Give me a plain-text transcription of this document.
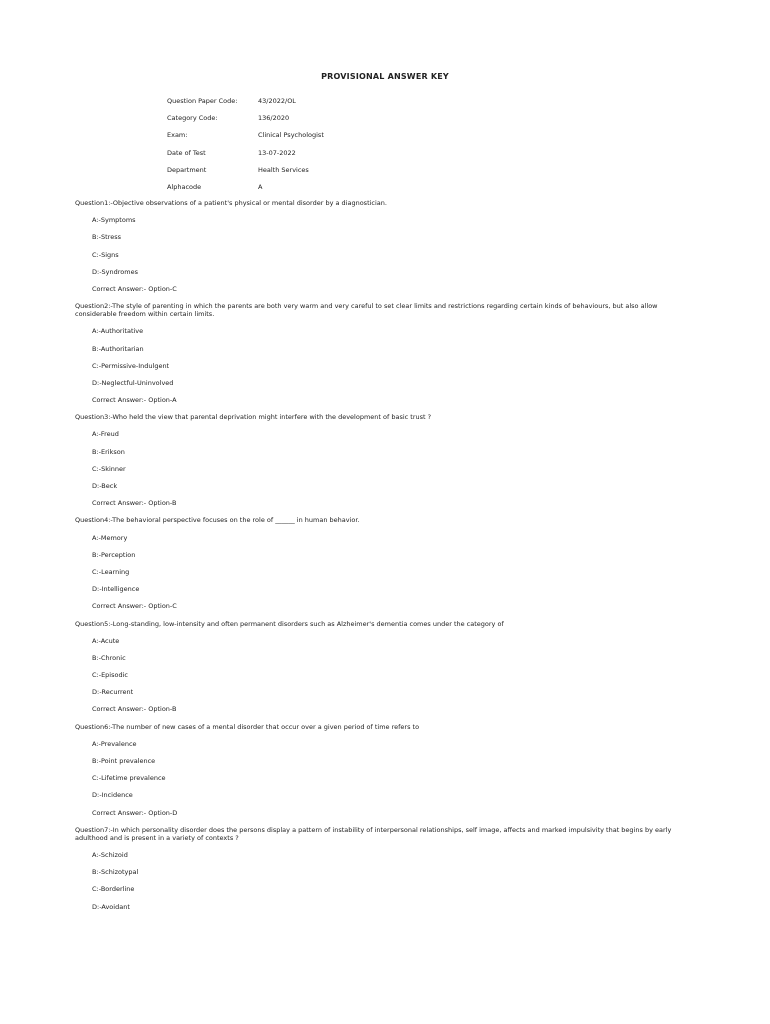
PROVISIONAL ANSWER KEY
Question Paper Code:	43/2022/OL
Category Code:	136/2020
Exam:	Clinical Psychologist
Date of Test	13-07-2022
Department	Health Services
Alphacode	A
Question1:-Objective observations of a patient's physical or mental disorder by a diagnostician.
A:-Symptoms
B:-Stress
C:-Signs
D:-Syndromes
Correct Answer:- Option-C
Question2:-The style of parenting in which the parents are both very warm and very careful to set clear limits and restrictions regarding certain kinds of behaviours, but also allow considerable freedom within certain limits.
A:-Authoritative
B:-Authoritarian
C:-Permissive-Indulgent
D:-Neglectful-Uninvolved
Correct Answer:- Option-A
Question3:-Who held the view that parental deprivation might interfere with the development of basic trust ?
A:-Freud
B:-Erikson
C:-Skinner
D:-Beck
Correct Answer:- Option-B
Question4:-The behavioral perspective focuses on the role of ______ in human behavior.
A:-Memory
B:-Perception
C:-Learning
D:-Intelligence
Correct Answer:- Option-C
Question5:-Long-standing, low-intensity and often permanent disorders such as Alzheimer's dementia comes under the category of
A:-Acute
B:-Chronic
C:-Episodic
D:-Recurrent
Correct Answer:- Option-B
Question6:-The number of new cases of a mental disorder that occur over a given period of time refers to
A:-Prevalence
B:-Point prevalence
C:-Lifetime prevalence
D:-Incidence
Correct Answer:- Option-D
Question7:-In which personality disorder does the persons display a pattern of instability of interpersonal relationships, self image, affects and marked impulsivity that begins by early adulthood and is present in a variety of contexts ?
A:-Schizoid
B:-Schizotypal
C:-Borderline
D:-Avoidant
